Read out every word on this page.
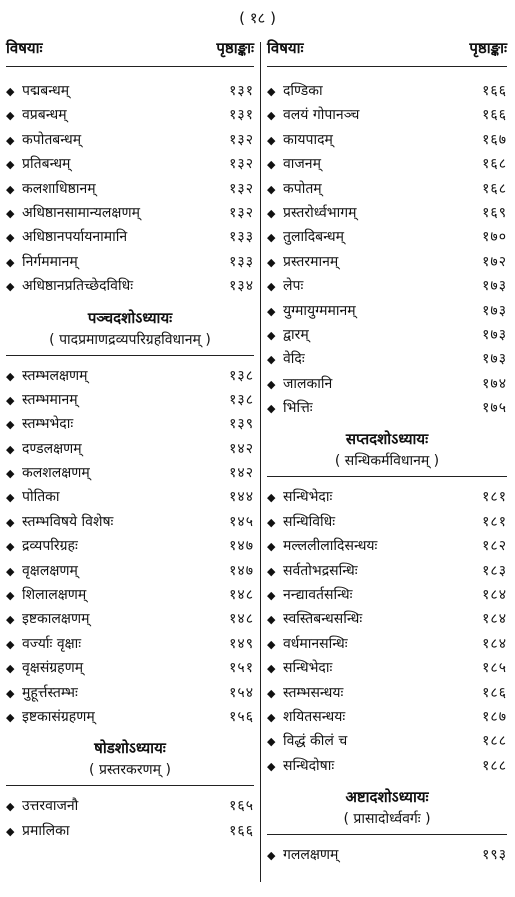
( १८ )
विषयाः	पृष्ठाङ्काः
◆ पद्मबन्धम्	१३१
◆ वप्रबन्धम्	१३१
◆ कपोतबन्धम्	१३२
◆ प्रतिबन्धम्	१३२
◆ कलशाधिष्ठानम्	१३२
◆ अधिष्ठानसामान्यलक्षणम्	१३२
◆ अधिष्ठानपर्यायनामानि	१३३
◆ निर्गममानम्	१३३
◆ अधिष्ठानप्रतिच्छेदविधिः	१३४
पञ्चदशोऽध्यायः
( पादप्रमाणद्रव्यपरिग्रहविधानम् )
◆ स्तम्भलक्षणम्	१३८
◆ स्तम्भमानम्	१३८
◆ स्तम्भभेदाः	१३९
◆ दण्डलक्षणम्	१४२
◆ कलशलक्षणम्	१४२
◆ पोतिका	१४४
◆ स्तम्भविषये विशेषः	१४५
◆ द्रव्यपरिग्रहः	१४७
◆ वृक्षलक्षणम्	१४७
◆ शिलालक्षणम्	१४८
◆ इष्टकालक्षणम्	१४८
◆ वर्ज्याः वृक्षाः	१४९
◆ वृक्षसंग्रहणम्	१५१
◆ मुहूर्त्तस्तम्भः	१५४
◆ इष्टकासंग्रहणम्	१५६
षोडशोऽध्यायः
( प्रस्तरकरणम् )
◆ उत्तरवाजनौ	१६५
◆ प्रमालिका	१६६
विषयाः	पृष्ठाङ्काः
◆ दण्डिका	१६६
◆ वलयं गोपानञ्च	१६६
◆ कायपादम्	१६७
◆ वाजनम्	१६८
◆ कपोतम्	१६८
◆ प्रस्तरोर्ध्वभागम्	१६९
◆ तुलादिबन्धम्	१७०
◆ प्रस्तरमानम्	१७२
◆ लेपः	१७३
◆ युग्मायुग्ममानम्	१७३
◆ द्वारम्	१७३
◆ वेदिः	१७३
◆ जालकानि	१७४
◆ भित्तिः	१७५
सप्तदशोऽध्यायः
( सन्धिकर्मविधानम् )
◆ सन्धिभेदाः	१८१
◆ सन्धिविधिः	१८१
◆ मल्ललीलादिसन्धयः	१८२
◆ सर्वतोभद्रसन्धिः	१८३
◆ नन्द्यावर्तसन्धिः	१८४
◆ स्वस्तिबन्धसन्धिः	१८४
◆ वर्धमानसन्धिः	१८४
◆ सन्धिभेदाः	१८५
◆ स्तम्भसन्धयः	१८६
◆ शयितसन्धयः	१८७
◆ विद्धं कीलं च	१८८
◆ सन्धिदोषाः	१८८
अष्टादशोऽध्यायः
( प्रासादोर्ध्ववर्गः )
◆ गललक्षणम्	१९३
